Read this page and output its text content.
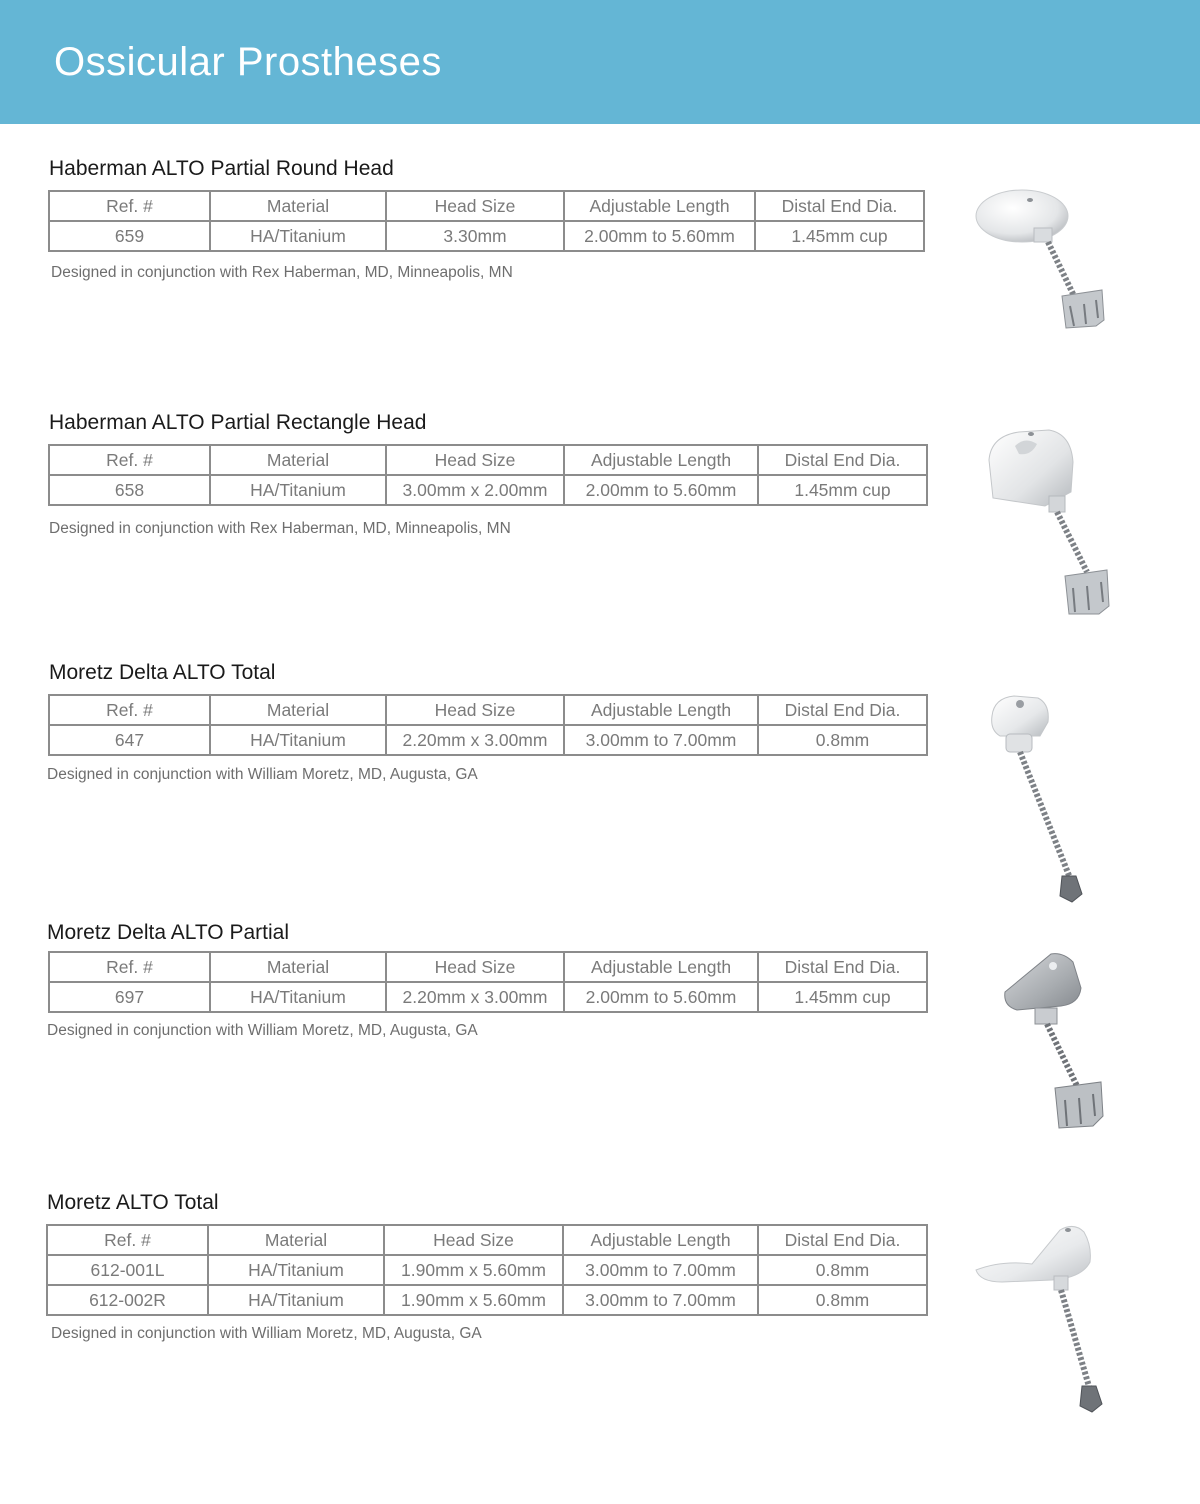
Ossicular Prostheses
Haberman ALTO Partial Round Head
Ref. #	Material	Head Size	Adjustable Length	Distal End Dia.
659	HA/Titanium	3.30mm	2.00mm to 5.60mm	1.45mm cup

Designed in conjunction with Rex Haberman, MD, Minneapolis, MN

Haberman ALTO Partial Rectangle Head
Ref. #	Material	Head Size	Adjustable Length	Distal End Dia.
658	HA/Titanium	3.00mm x 2.00mm	2.00mm to 5.60mm	1.45mm cup

Designed in conjunction with Rex Haberman, MD, Minneapolis, MN

Moretz Delta ALTO Total
Ref. #	Material	Head Size	Adjustable Length	Distal End Dia.
647	HA/Titanium	2.20mm x 3.00mm	3.00mm to 7.00mm	0.8mm

Designed in conjunction with William Moretz, MD, Augusta, GA

Moretz Delta ALTO Partial
Ref. #	Material	Head Size	Adjustable Length	Distal End Dia.
697	HA/Titanium	2.20mm x 3.00mm	2.00mm to 5.60mm	1.45mm cup

Designed in conjunction with William Moretz, MD, Augusta, GA

Moretz ALTO Total
Ref. #	Material	Head Size	Adjustable Length	Distal End Dia.
612-001L	HA/Titanium	1.90mm x 5.60mm	3.00mm to 7.00mm	0.8mm
612-002R	HA/Titanium	1.90mm x 5.60mm	3.00mm to 7.00mm	0.8mm

Designed in conjunction with William Moretz, MD, Augusta, GA
